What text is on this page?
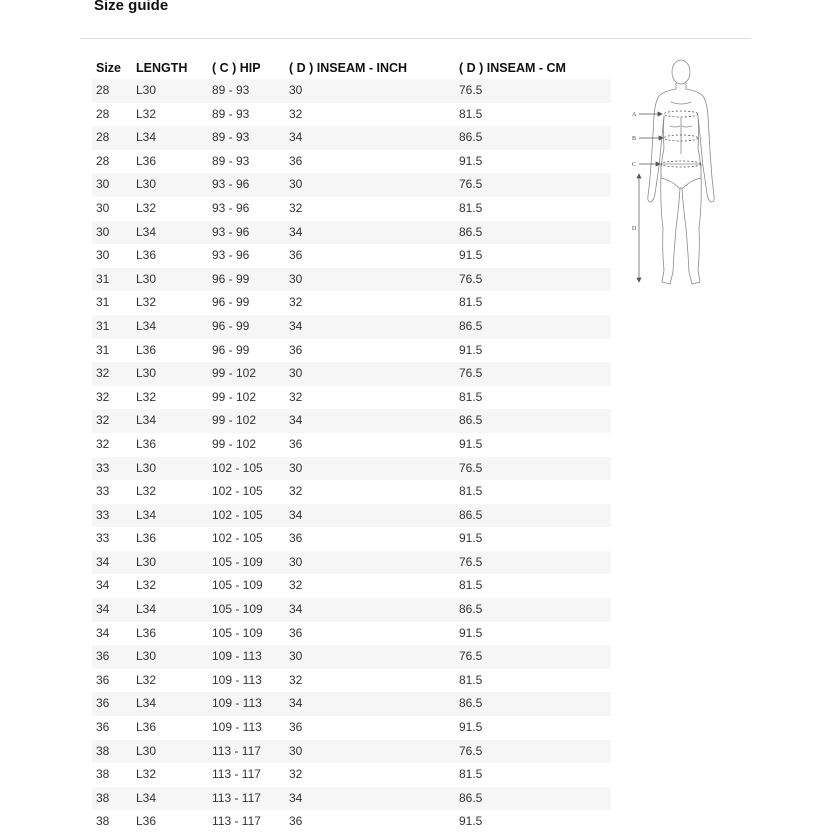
Size guide
Size	LENGTH	( C ) HIP	( D ) INSEAM - INCH	( D ) INSEAM - CM
28	L30	89 - 93	30	76.5
28	L32	89 - 93	32	81.5
28	L34	89 - 93	34	86.5
28	L36	89 - 93	36	91.5
30	L30	93 - 96	30	76.5
30	L32	93 - 96	32	81.5
30	L34	93 - 96	34	86.5
30	L36	93 - 96	36	91.5
31	L30	96 - 99	30	76.5
31	L32	96 - 99	32	81.5
31	L34	96 - 99	34	86.5
31	L36	96 - 99	36	91.5
32	L30	99 - 102	30	76.5
32	L32	99 - 102	32	81.5
32	L34	99 - 102	34	86.5
32	L36	99 - 102	36	91.5
33	L30	102 - 105	30	76.5
33	L32	102 - 105	32	81.5
33	L34	102 - 105	34	86.5
33	L36	102 - 105	36	91.5
34	L30	105 - 109	30	76.5
34	L32	105 - 109	32	81.5
34	L34	105 - 109	34	86.5
34	L36	105 - 109	36	91.5
36	L30	109 - 113	30	76.5
36	L32	109 - 113	32	81.5
36	L34	109 - 113	34	86.5
36	L36	109 - 113	36	91.5
38	L30	113 - 117	30	76.5
38	L32	113 - 117	32	81.5
38	L34	113 - 117	34	86.5
38	L36	113 - 117	36	91.5
A
B
C
D
